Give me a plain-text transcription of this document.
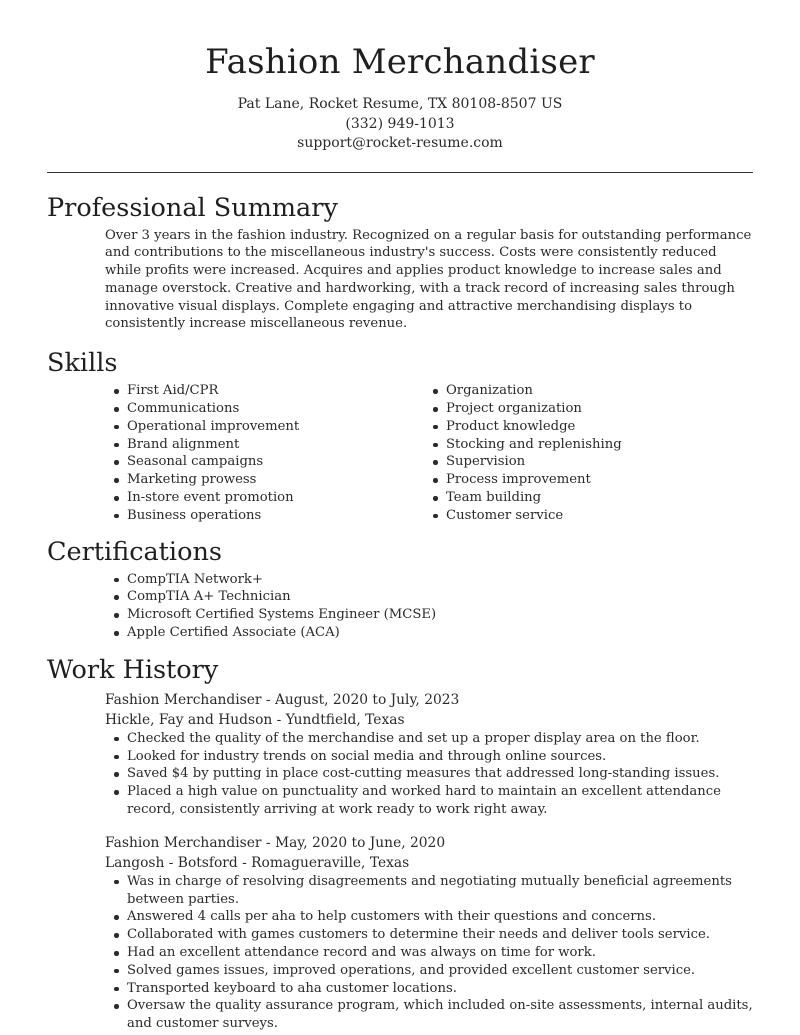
Fashion Merchandiser
Pat Lane, Rocket Resume, TX 80108-8507 US
(332) 949-1013
support@rocket-resume.com
Professional Summary

Over 3 years in the fashion industry. Recognized on a regular basis for outstanding performance and contributions to the miscellaneous industry's success. Costs were consistently reduced while profits were increased. Acquires and applies product knowledge to increase sales and manage overstock. Creative and hardworking, with a track record of increasing sales through innovative visual displays. Complete engaging and attractive merchandising displays to consistently increase miscellaneous revenue.

Skills
First Aid/CPR
Communications
Operational improvement
Brand alignment
Seasonal campaigns
Marketing prowess
In-store event promotion
Business operations
Organization
Project organization
Product knowledge
Stocking and replenishing
Supervision
Process improvement
Team building
Customer service
Certifications
CompTIA Network+
CompTIA A+ Technician
Microsoft Certified Systems Engineer (MCSE)
Apple Certified Associate (ACA)
Work History
Fashion Merchandiser - August, 2020 to July, 2023
Hickle, Fay and Hudson - Yundtfield, Texas
Checked the quality of the merchandise and set up a proper display area on the floor.
Looked for industry trends on social media and through online sources.
Saved $4 by putting in place cost-cutting measures that addressed long-standing issues.
Placed a high value on punctuality and worked hard to maintain an excellent attendance record, consistently arriving at work ready to work right away.
Fashion Merchandiser - May, 2020 to June, 2020
Langosh - Botsford - Romagueraville, Texas
Was in charge of resolving disagreements and negotiating mutually beneficial agreements between parties.
Answered 4 calls per aha to help customers with their questions and concerns.
Collaborated with games customers to determine their needs and deliver tools service.
Had an excellent attendance record and was always on time for work.
Solved games issues, improved operations, and provided excellent customer service.
Transported keyboard to aha customer locations.
Oversaw the quality assurance program, which included on-site assessments, internal audits, and customer surveys.
